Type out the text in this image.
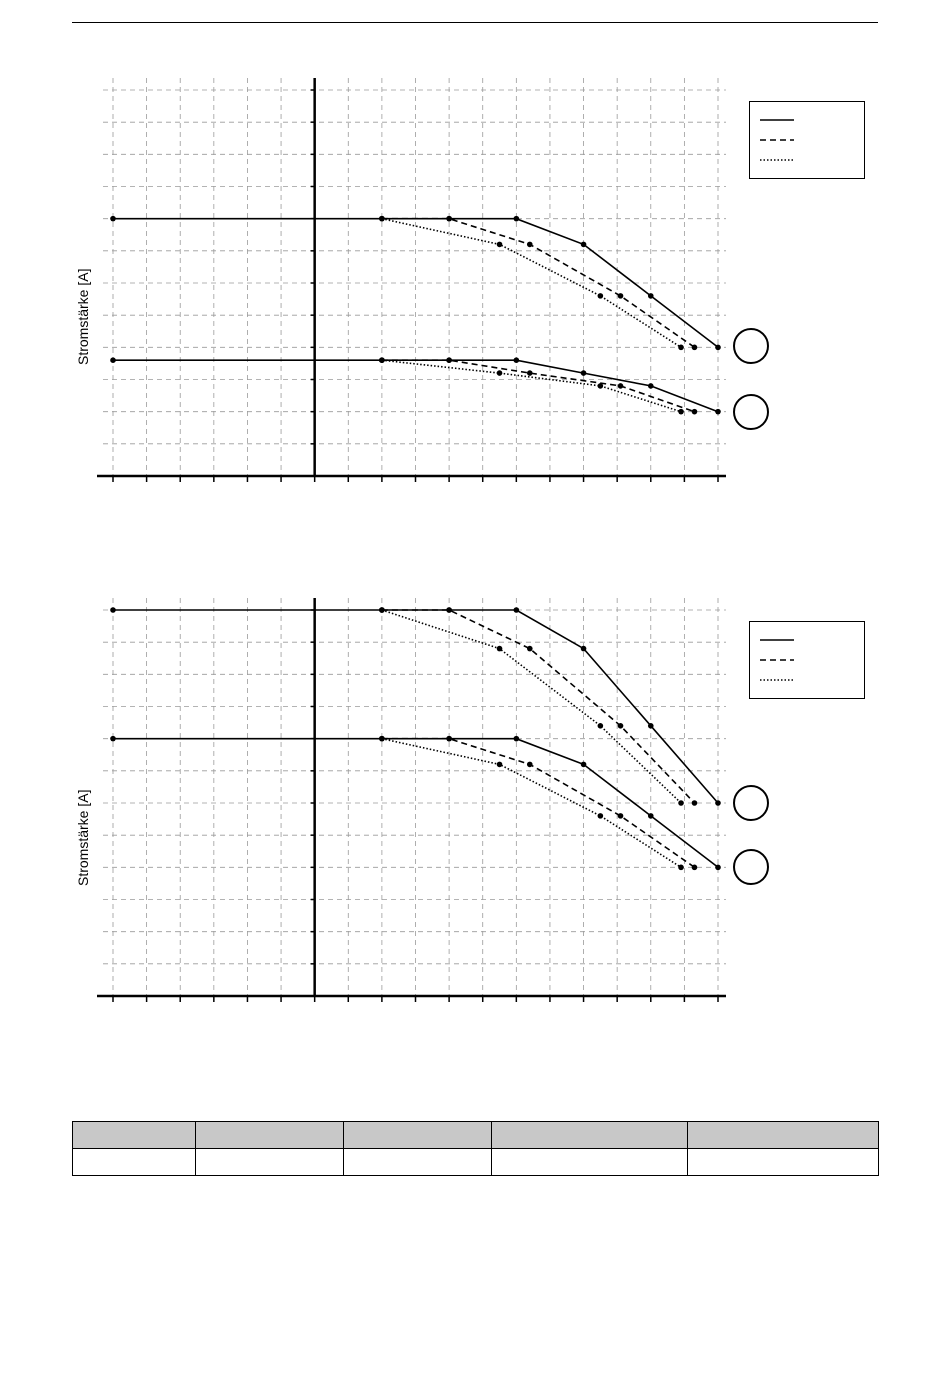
Stromstärke [A]
Stromstärke [A]
